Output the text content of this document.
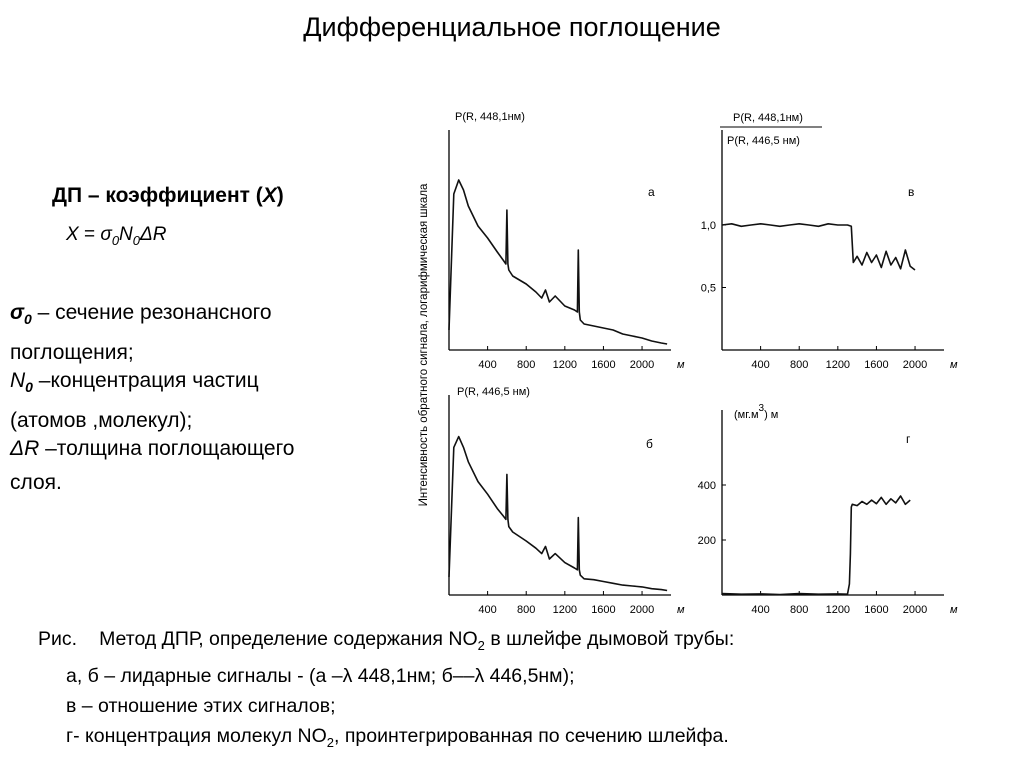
Дифференциальное поглощение
ДП – коэффициент (X)
$X = \sigma_0N_0\Delta R$
$\sigma_0$ – сечение резонансного
поглощения;
$N_0$ –концентрация частиц
(атомов ,молекул);
ΔR –толщина поглощающего
слоя.
Рис. Метод ДПР, определение содержания $NO_2$ в шлейфе дымовой трубы:
а, б – лидарные сигналы - (а –λ 448,1нм; б––λ 446,5нм);
в – отношение этих сигналов;
г- концентрация молекул $NO_2$, проинтегрированная по сечению шлейфа.
400 800 1200 1600 2000 м
а
P(R, 448,1нм)
Интенсивность обратного сигнала, логарифмическая шкала	400 800 1200 1600 2000 м
0,5
1,0
в
P(R, 448,1нм)
P(R, 446,5 нм)
400 800 1200 1600 2000 м
б
P(R, 446,5 нм)
400 800 1200 1600 2000 м
200
400
г
(мг.м3) м
